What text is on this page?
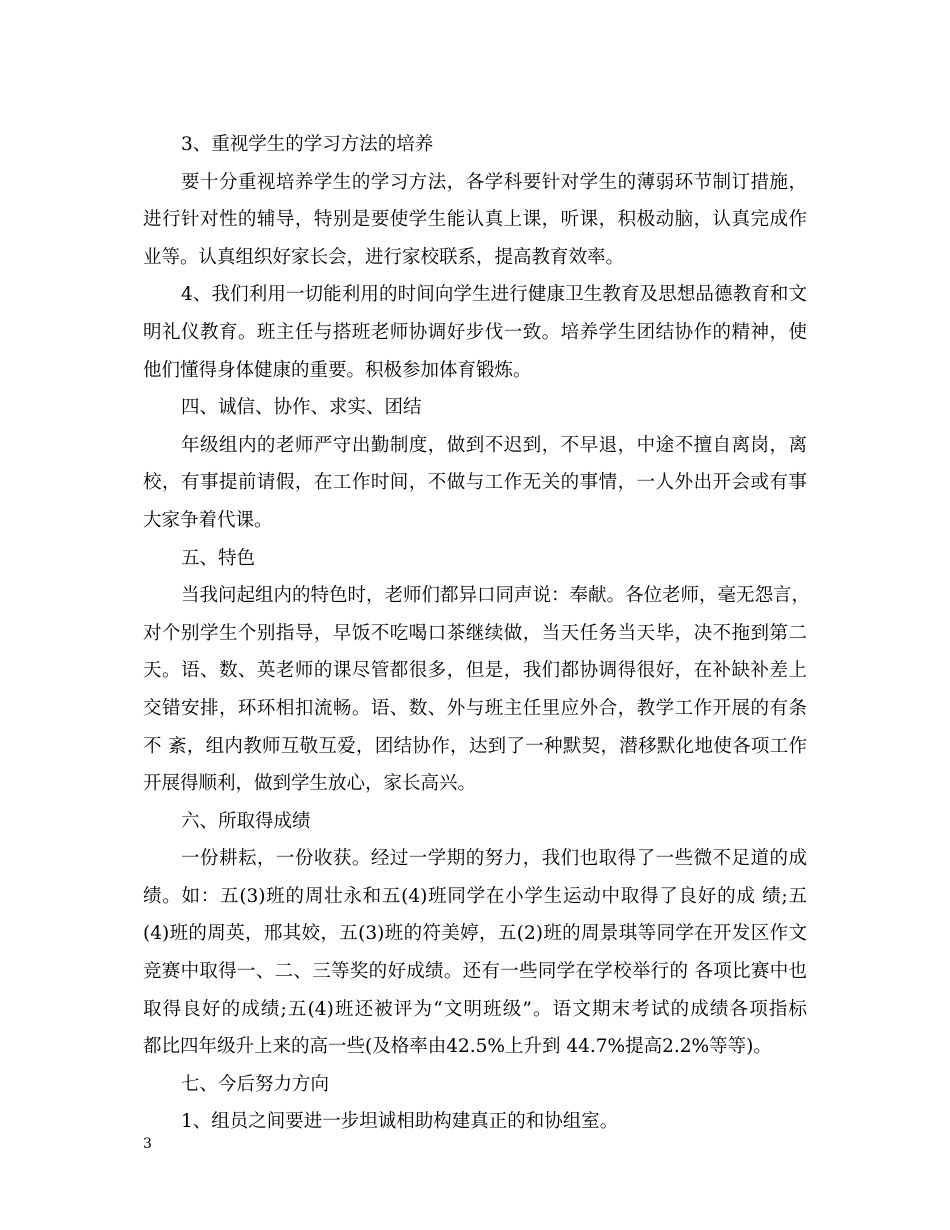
3、重视学生的学习方法的培养
要十分重视培养学生的学习方法，各学科要针对学生的薄弱环节制订措施，
进行针对性的辅导，特别是要使学生能认真上课，听课，积极动脑，认真完成作
业等。认真组织好家长会，进行家校联系，提高教育效率。
4、我们利用一切能利用的时间向学生进行健康卫生教育及思想品德教育和文
明礼仪教育。班主任与搭班老师协调好步伐一致。培养学生团结协作的精神，使
他们懂得身体健康的重要。积极参加体育锻炼。
四、诚信、协作、求实、团结
年级组内的老师严守出勤制度，做到不迟到，不早退，中途不擅自离岗，离
校，有事提前请假，在工作时间，不做与工作无关的事情，一人外出开会或有事
大家争着代课。
五、特色
当我问起组内的特色时，老师们都异口同声说：奉献。各位老师，毫无怨言，
对个别学生个别指导，早饭不吃喝口茶继续做，当天任务当天毕，决不拖到第二
天。语、数、英老师的课尽管都很多，但是，我们都协调得很好，在补缺补差上
交错安排，环环相扣流畅。语、数、外与班主任里应外合，教学工作开展的有条
不 紊，组内教师互敬互爱，团结协作，达到了一种默契，潜移默化地使各项工作
开展得顺利，做到学生放心，家长高兴。
六、所取得成绩
一份耕耘，一份收获。经过一学期的努力，我们也取得了一些微不足道的成
绩。如：五(3)班的周壮永和五(4)班同学在小学生运动中取得了良好的成 绩;五
(4)班的周英，邢其姣，五(3)班的符美婷，五(2)班的周景琪等同学在开发区作文
竞赛中取得一、二、三等奖的好成绩。还有一些同学在学校举行的 各项比赛中也
取得良好的成绩;五(4)班还被评为“文明班级”。语文期末考试的成绩各项指标
都比四年级升上来的高一些(及格率由42.5%上升到 44.7%提高2.2%等等)。
七、今后努力方向
1、组员之间要进一步坦诚相助构建真正的和协组室。
3
